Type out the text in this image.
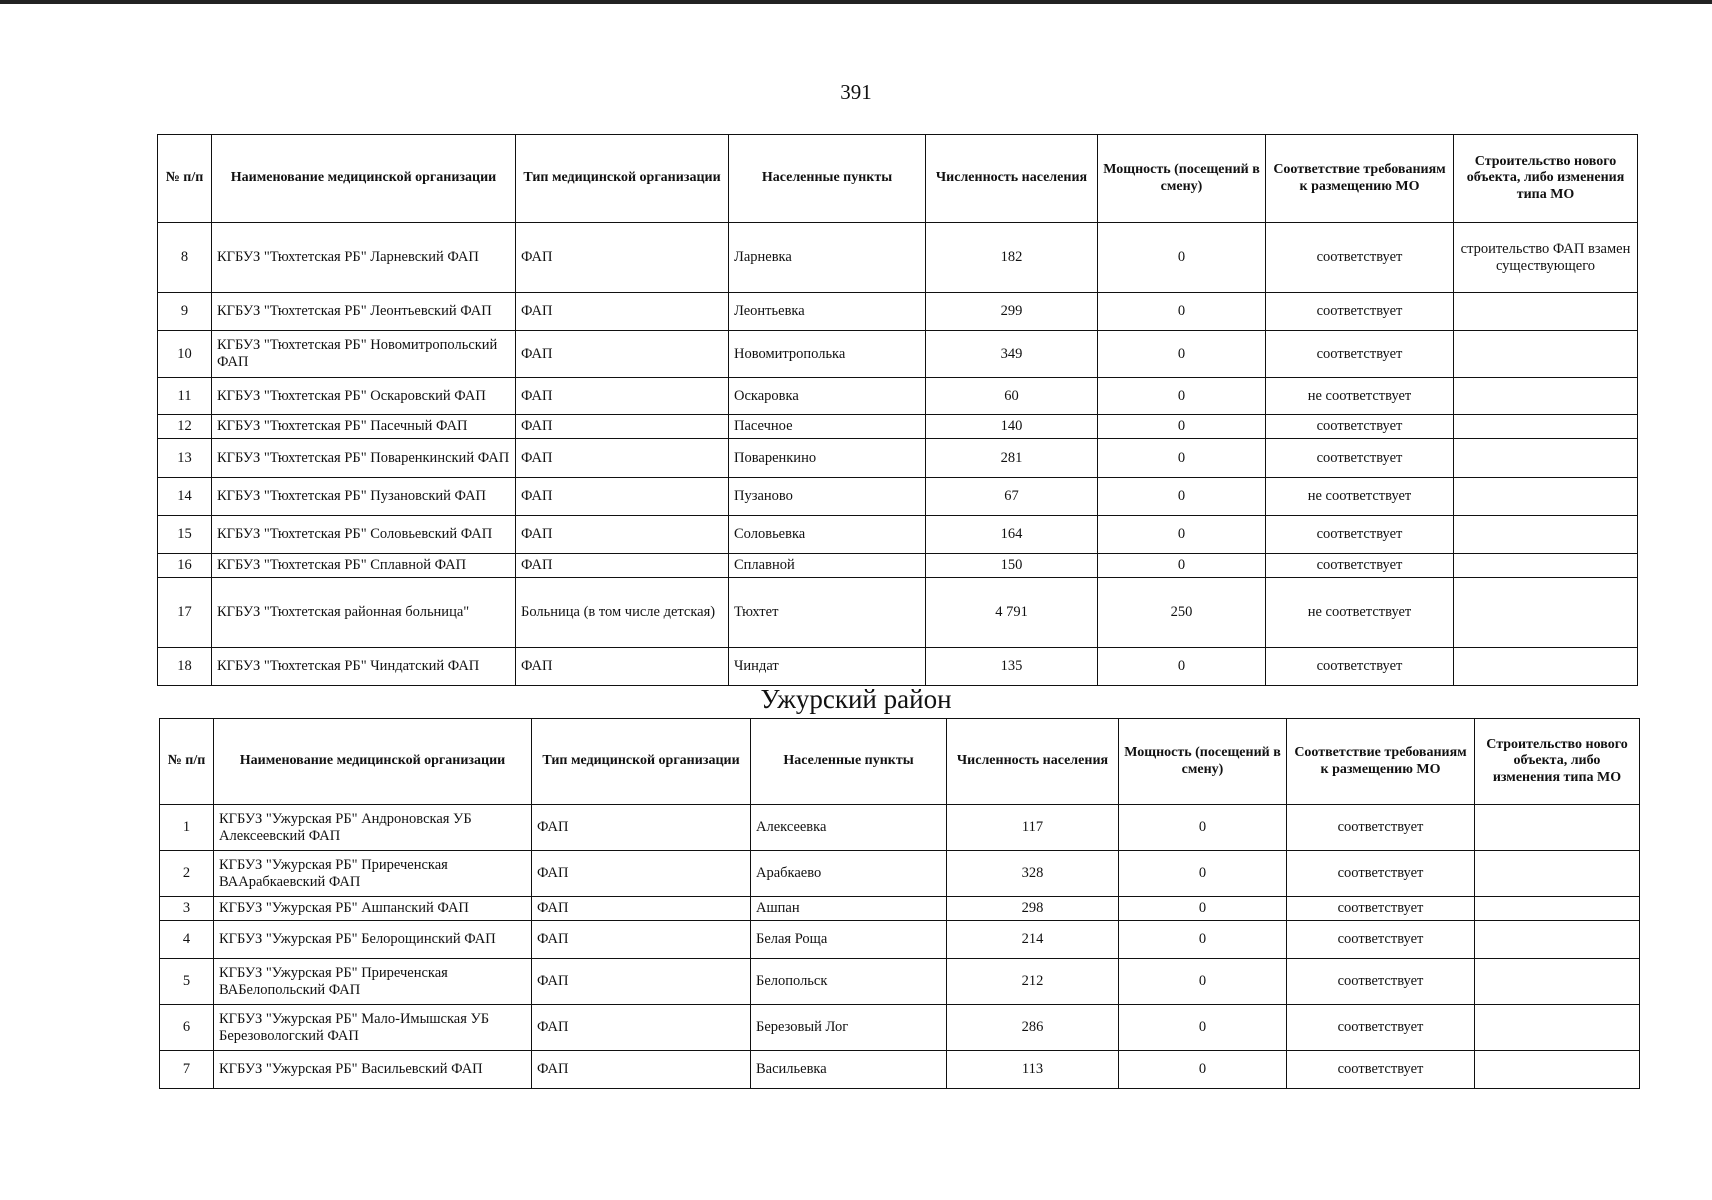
391
№ п/п	Наименование медицинской организации	Тип медицинской организации	Населенные пункты	Численность населения	Мощность (посещений в смену)	Соответствие требованиям к размещению МО	Строительство нового объекта, либо изменения типа МО
8	КГБУЗ "Тюхтетская РБ" Ларневский ФАП	ФАП	Ларневка	182	0	соответствует	строительство ФАП взамен существующего
9	КГБУЗ "Тюхтетская РБ" Леонтьевский ФАП	ФАП	Леонтьевка	299	0	соответствует	
10	КГБУЗ "Тюхтетская РБ" Новомитропольский ФАП	ФАП	Новомитрополька	349	0	соответствует	
11	КГБУЗ "Тюхтетская РБ" Оскаровский ФАП	ФАП	Оскаровка	60	0	не соответствует	
12	КГБУЗ "Тюхтетская РБ" Пасечный ФАП	ФАП	Пасечное	140	0	соответствует	
13	КГБУЗ "Тюхтетская РБ" Поваренкинский ФАП	ФАП	Поваренкино	281	0	соответствует	
14	КГБУЗ "Тюхтетская РБ" Пузановский ФАП	ФАП	Пузаново	67	0	не соответствует	
15	КГБУЗ "Тюхтетская РБ" Соловьевский ФАП	ФАП	Соловьевка	164	0	соответствует	
16	КГБУЗ "Тюхтетская РБ" Сплавной ФАП	ФАП	Сплавной	150	0	соответствует	
17	КГБУЗ "Тюхтетская районная больница"	Больница (в том числе детская)	Тюхтет	4 791	250	не соответствует	
18	КГБУЗ "Тюхтетская РБ" Чиндатский ФАП	ФАП	Чиндат	135	0	соответствует	
Ужурский район
№ п/п	Наименование медицинской организации	Тип медицинской организации	Населенные пункты	Численность населения	Мощность (посещений в смену)	Соответствие требованиям к размещению МО	Строительство нового объекта, либо изменения типа МО
1	КГБУЗ "Ужурская РБ" Андроновская УБ Алексеевский ФАП	ФАП	Алексеевка	117	0	соответствует	
2	КГБУЗ "Ужурская РБ" Приреченская ВААрабкаевский ФАП	ФАП	Арабкаево	328	0	соответствует	
3	КГБУЗ "Ужурская РБ" Ашпанский ФАП	ФАП	Ашпан	298	0	соответствует	
4	КГБУЗ "Ужурская РБ" Белорощинский ФАП	ФАП	Белая Роща	214	0	соответствует	
5	КГБУЗ "Ужурская РБ" Приреченская ВАБелопольский ФАП	ФАП	Белопольск	212	0	соответствует	
6	КГБУЗ "Ужурская РБ" Мало-Имышская УБ Березовологский ФАП	ФАП	Березовый Лог	286	0	соответствует	
7	КГБУЗ "Ужурская РБ" Васильевский ФАП	ФАП	Васильевка	113	0	соответствует	
